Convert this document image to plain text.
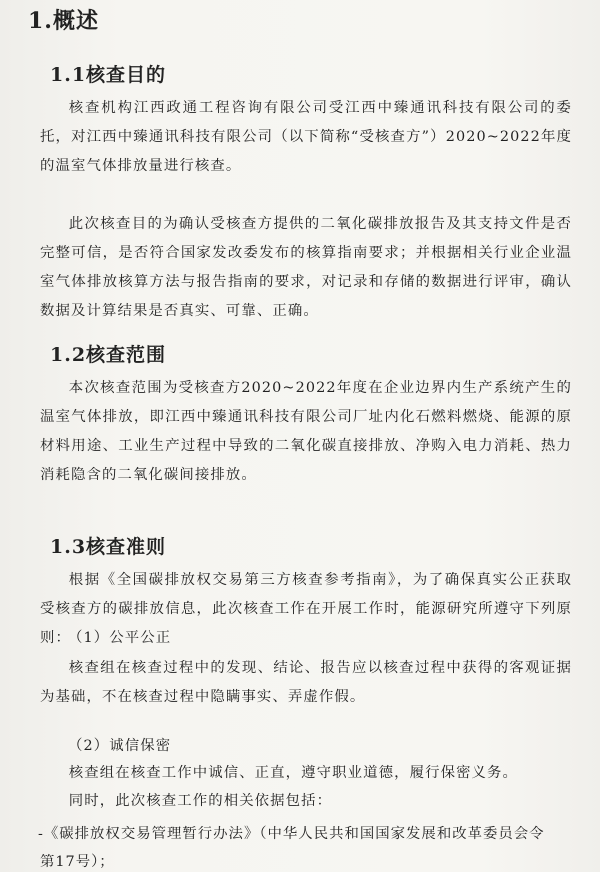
1.概述
1.1核查目的

核查机构江西政通工程咨询有限公司受江西中臻通讯科技有限公司的委托，对江西中臻通讯科技有限公司（以下简称“受核查方”）2020~2022年度的温室气体排放量进行核查。

此次核查目的为确认受核查方提供的二氧化碳排放报告及其支持文件是否完整可信，是否符合国家发改委发布的核算指南要求；并根据相关行业企业温室气体排放核算方法与报告指南的要求，对记录和存储的数据进行评审，确认数据及计算结果是否真实、可靠、正确。

1.2核查范围

本次核查范围为受核查方2020~2022年度在企业边界内生产系统产生的温室气体排放，即江西中臻通讯科技有限公司厂址内化石燃料燃烧、能源的原材料用途、工业生产过程中导致的二氧化碳直接排放、净购入电力消耗、热力消耗隐含的二氧化碳间接排放。

1.3核查准则

根据《全国碳排放权交易第三方核查参考指南》，为了确保真实公正获取受核查方的碳排放信息，此次核查工作在开展工作时，能源研究所遵守下列原则：

（1）公平公正

核查组在核查过程中的发现、结论、报告应以核查过程中获得的客观证据为基础，不在核查过程中隐瞒事实、弄虚作假。

（2）诚信保密

核查组在核查工作中诚信、正直，遵守职业道德，履行保密义务。

同时，此次核查工作的相关依据包括：

-《碳排放权交易管理暂行办法》（中华人民共和国国家发展和改革委员会令
第17号）；
